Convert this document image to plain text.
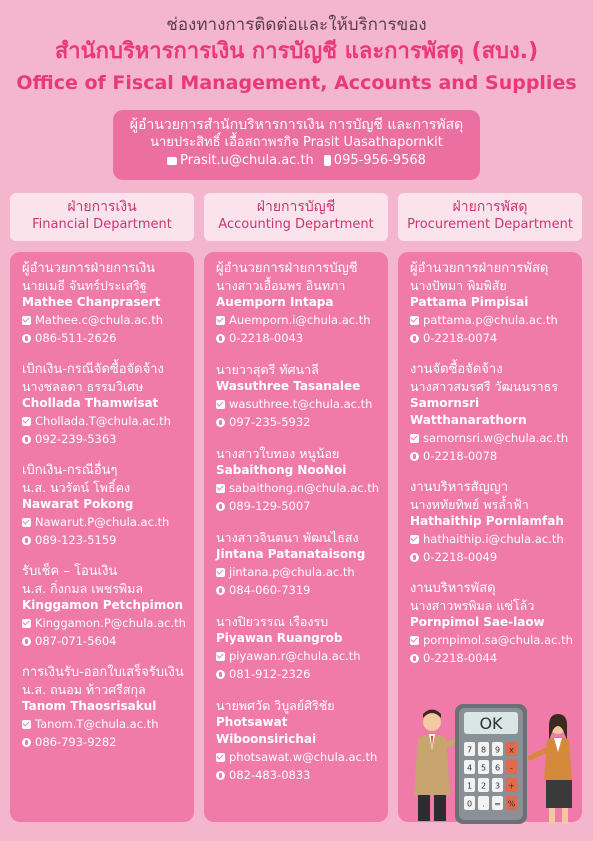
ช่องทางการติดต่อและให้บริการของ
สำนักบริหารการเงิน การบัญชี และการพัสดุ (สบง.)
Office of Fiscal Management, Accounts and Supplies
ผู้อำนวยการสำนักบริหารการเงิน การบัญชี และการพัสดุ
นายประสิทธิ์ เอื้อสถาพรกิจ Prasit Uasathapornkit
Prasit.u@chula.ac.th 095-956-9568
ฝ่ายการเงิน
Financial Department
ฝ่ายการบัญชี
Accounting Department
ฝ่ายการพัสดุ
Procurement Department
ผู้อำนวยการฝ่ายการเงิน
นายเมธี จันทร์ประเสริฐ
Mathee Chanprasert
Mathee.c@chula.ac.th
086-511-2626
เบิกเงิน-กรณีจัดซื้อจัดจ้าง
นางชลลดา ธรรมวิเศษ
Chollada Thamwisat
Chollada.T@chula.ac.th
092-239-5363
เบิกเงิน-กรณีอื่นๆ
น.ส. นวรัตน์ โพธิ์คง
Nawarat Pokong
Nawarut.P@chula.ac.th
089-123-5159
รับเช็ค – โอนเงิน
น.ส. กิ่งกมล เพชรพิมล
Kinggamon Petchpimon
Kinggamon.P@chula.ac.th
087-071-5604
การเงินรับ-ออกใบเสร็จรับเงิน
น.ส. ถนอม ท้าวศรีสกุล
Tanom Thaosrisakul
Tanom.T@chula.ac.th
086-793-9282
ผู้อำนวยการฝ่ายการบัญชี
นางสาวเอื้อมพร อินทภา
Auemporn Intapa
Auemporn.i@chula.ac.th
0-2218-0043
นายวาสุตรี ทัศนาลี
Wasuthree Tasanalee
wasuthree.t@chula.ac.th
097-235-5932
นางสาวใบทอง หนูน้อย
Sabaithong NooNoi
sabaithong.n@chula.ac.th
089-129-5007
นางสาวจินตนา พัฒนไธสง
Jintana Patanataisong
jintana.p@chula.ac.th
084-060-7319
นางปิยวรรณ เรืองรบ
Piyawan Ruangrob
piyawan.r@chula.ac.th
081-912-2326
นายพศวัต วิบูลย์ศิริชัย
Photsawat Wiboonsirichai
photsawat.w@chula.ac.th
082-483-0833
ผู้อำนวยการฝ่ายการพัสดุ
นางปัทมา พิมพิสัย
Pattama Pimpisai
pattama.p@chula.ac.th
0-2218-0074
งานจัดซื้อจัดจ้าง
นางสาวสมรศรี วัฒนนราธร
Samornsri Watthanarathorn
samornsri.w@chula.ac.th
0-2218-0078
งานบริหารสัญญา
นางหทัยทิพย์ พรล้ำฟ้า
Hathaithip Pornlamfah
hathaithip.i@chula.ac.th
0-2218-0049
งานบริหารพัสดุ
นางสาวพรพิมล แซ่โล้ว
Pornpimol Sae-laow
pornpimol.sa@chula.ac.th
0-2218-0044
OK
7 8 9 x
4 5 6 -
1 2 3 +
0 . = %
